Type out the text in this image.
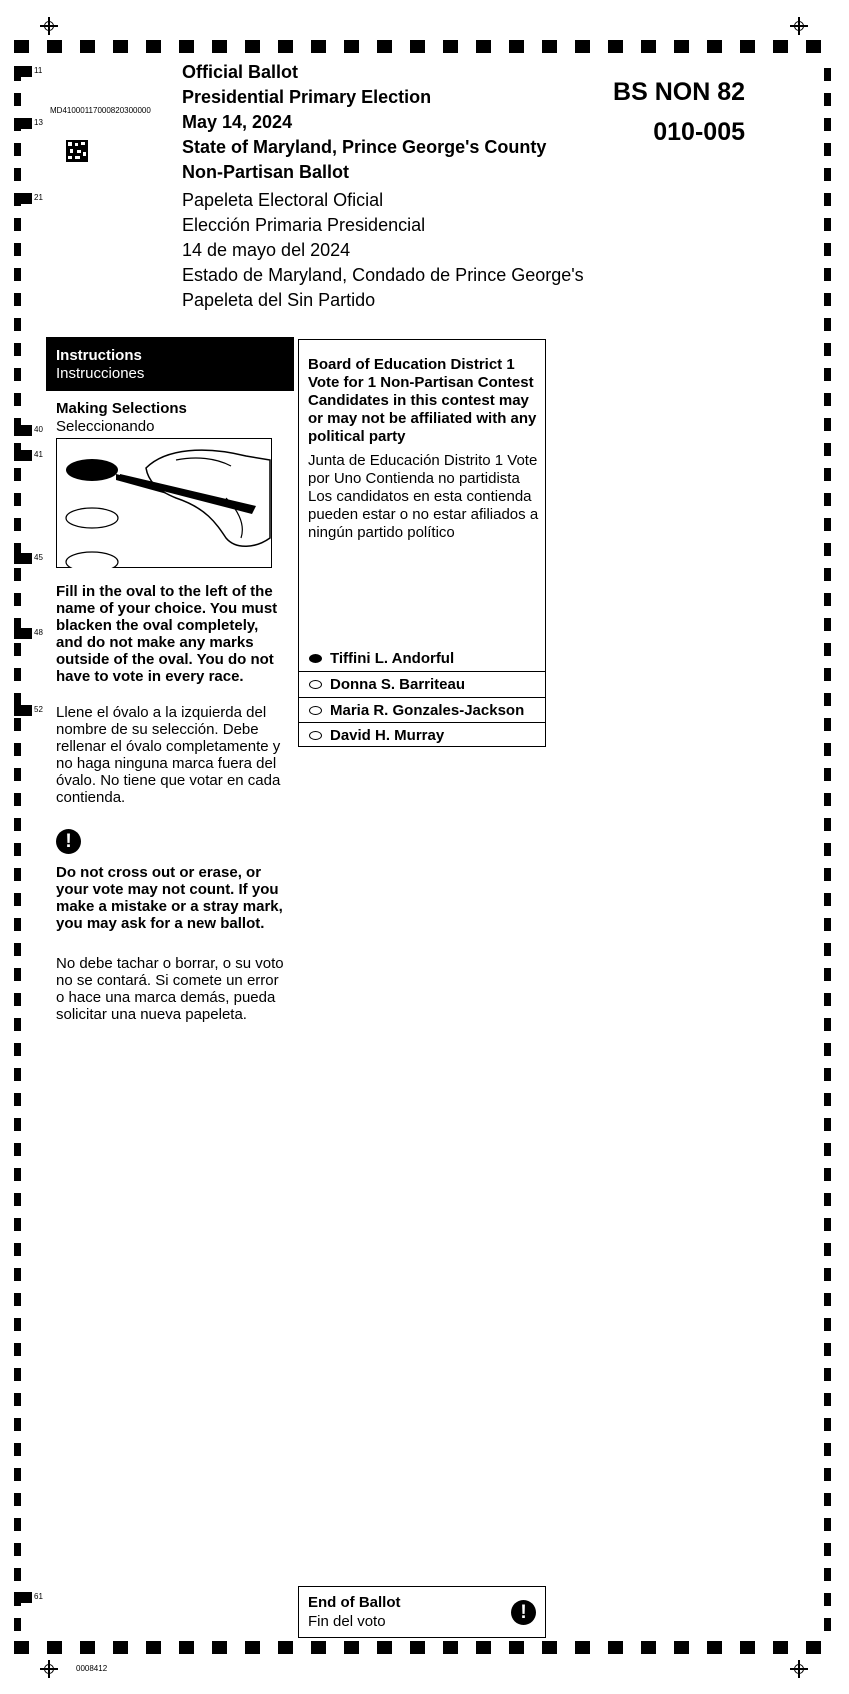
11
13
21
40
41
45
48
52
61
MD41000117000820300000
Official Ballot
Presidential Primary Election
May 14, 2024
State of Maryland, Prince George's County
Non-Partisan Ballot
Papeleta Electoral Oficial
Elección Primaria Presidencial
14 de mayo del 2024
Estado de Maryland, Condado de Prince George's
Papeleta del Sin Partido
BS NON 82
010-005
Instructions
Instrucciones
Making Selections
Seleccionando
Fill in the oval to the left of the name of your choice. You must blacken the oval completely, and do not make any marks outside of the oval. You do not have to vote in every race.
Llene el óvalo a la izquierda del nombre de su selección. Debe rellenar el óvalo completamente y no haga ninguna marca fuera del óvalo. No tiene que votar en cada contienda.
!
Do not cross out or erase, or your vote may not count. If you make a mistake or a stray mark, you may ask for a new ballot.
No debe tachar o borrar, o su voto no se contará. Si comete un error o hace una marca demás, pueda solicitar una nueva papeleta.
Board of Education District 1 Vote for 1 Non-Partisan Contest Candidates in this contest may or may not be affiliated with any political party
Junta de Educación Distrito 1 Vote por Uno Contienda no partidista Los candidatos en esta contienda pueden estar o no estar afiliados a ningún partido político
Tiffini L. Andorful
Donna S. Barriteau
Maria R. Gonzales-Jackson
David H. Murray
End of Ballot
Fin del voto	!
0008412
